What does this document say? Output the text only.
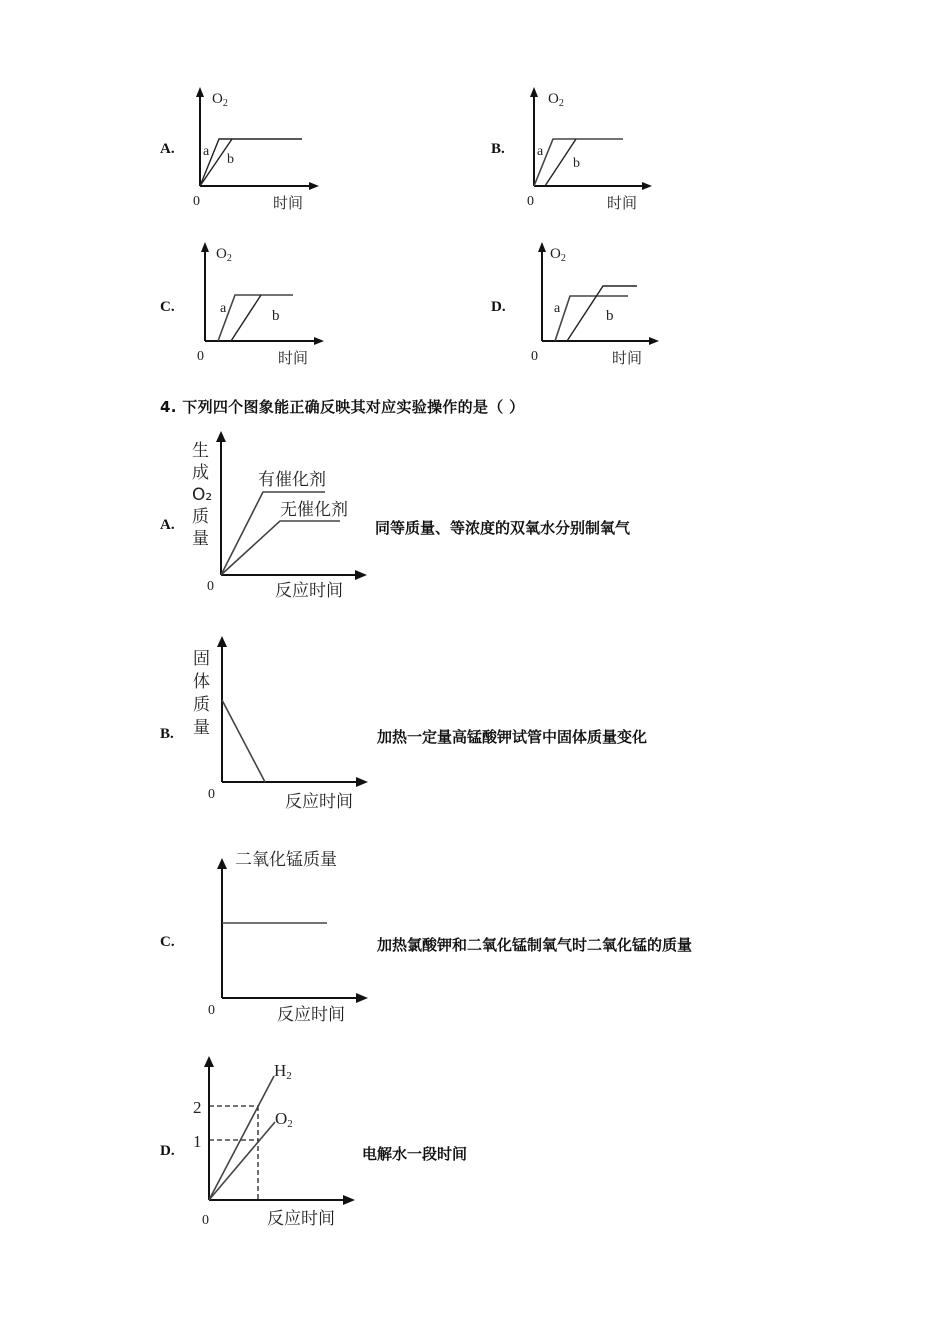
A.
$O_2$
a
b
0	时间
B.
$O_2$
a
b
0	时间
C.
$O_2$
a	b
0	时间
D.
$O_2$
a	b
0	时间
4. 下列四个图象能正确反映其对应实验操作的是（ ）
A.
生
成
O₂
质
量
有催化剂
无催化剂
0	反应时间
同等质量、等浓度的双氧水分别制氧气
B.
固
体
质
量
0	反应时间
加热一定量高锰酸钾试管中固体质量变化
C.
二氧化锰质量
0	反应时间
加热氯酸钾和二氧化锰制氧气时二氧化锰的质量
D.
2
1
H2
O2
0	反应时间
电解水一段时间
